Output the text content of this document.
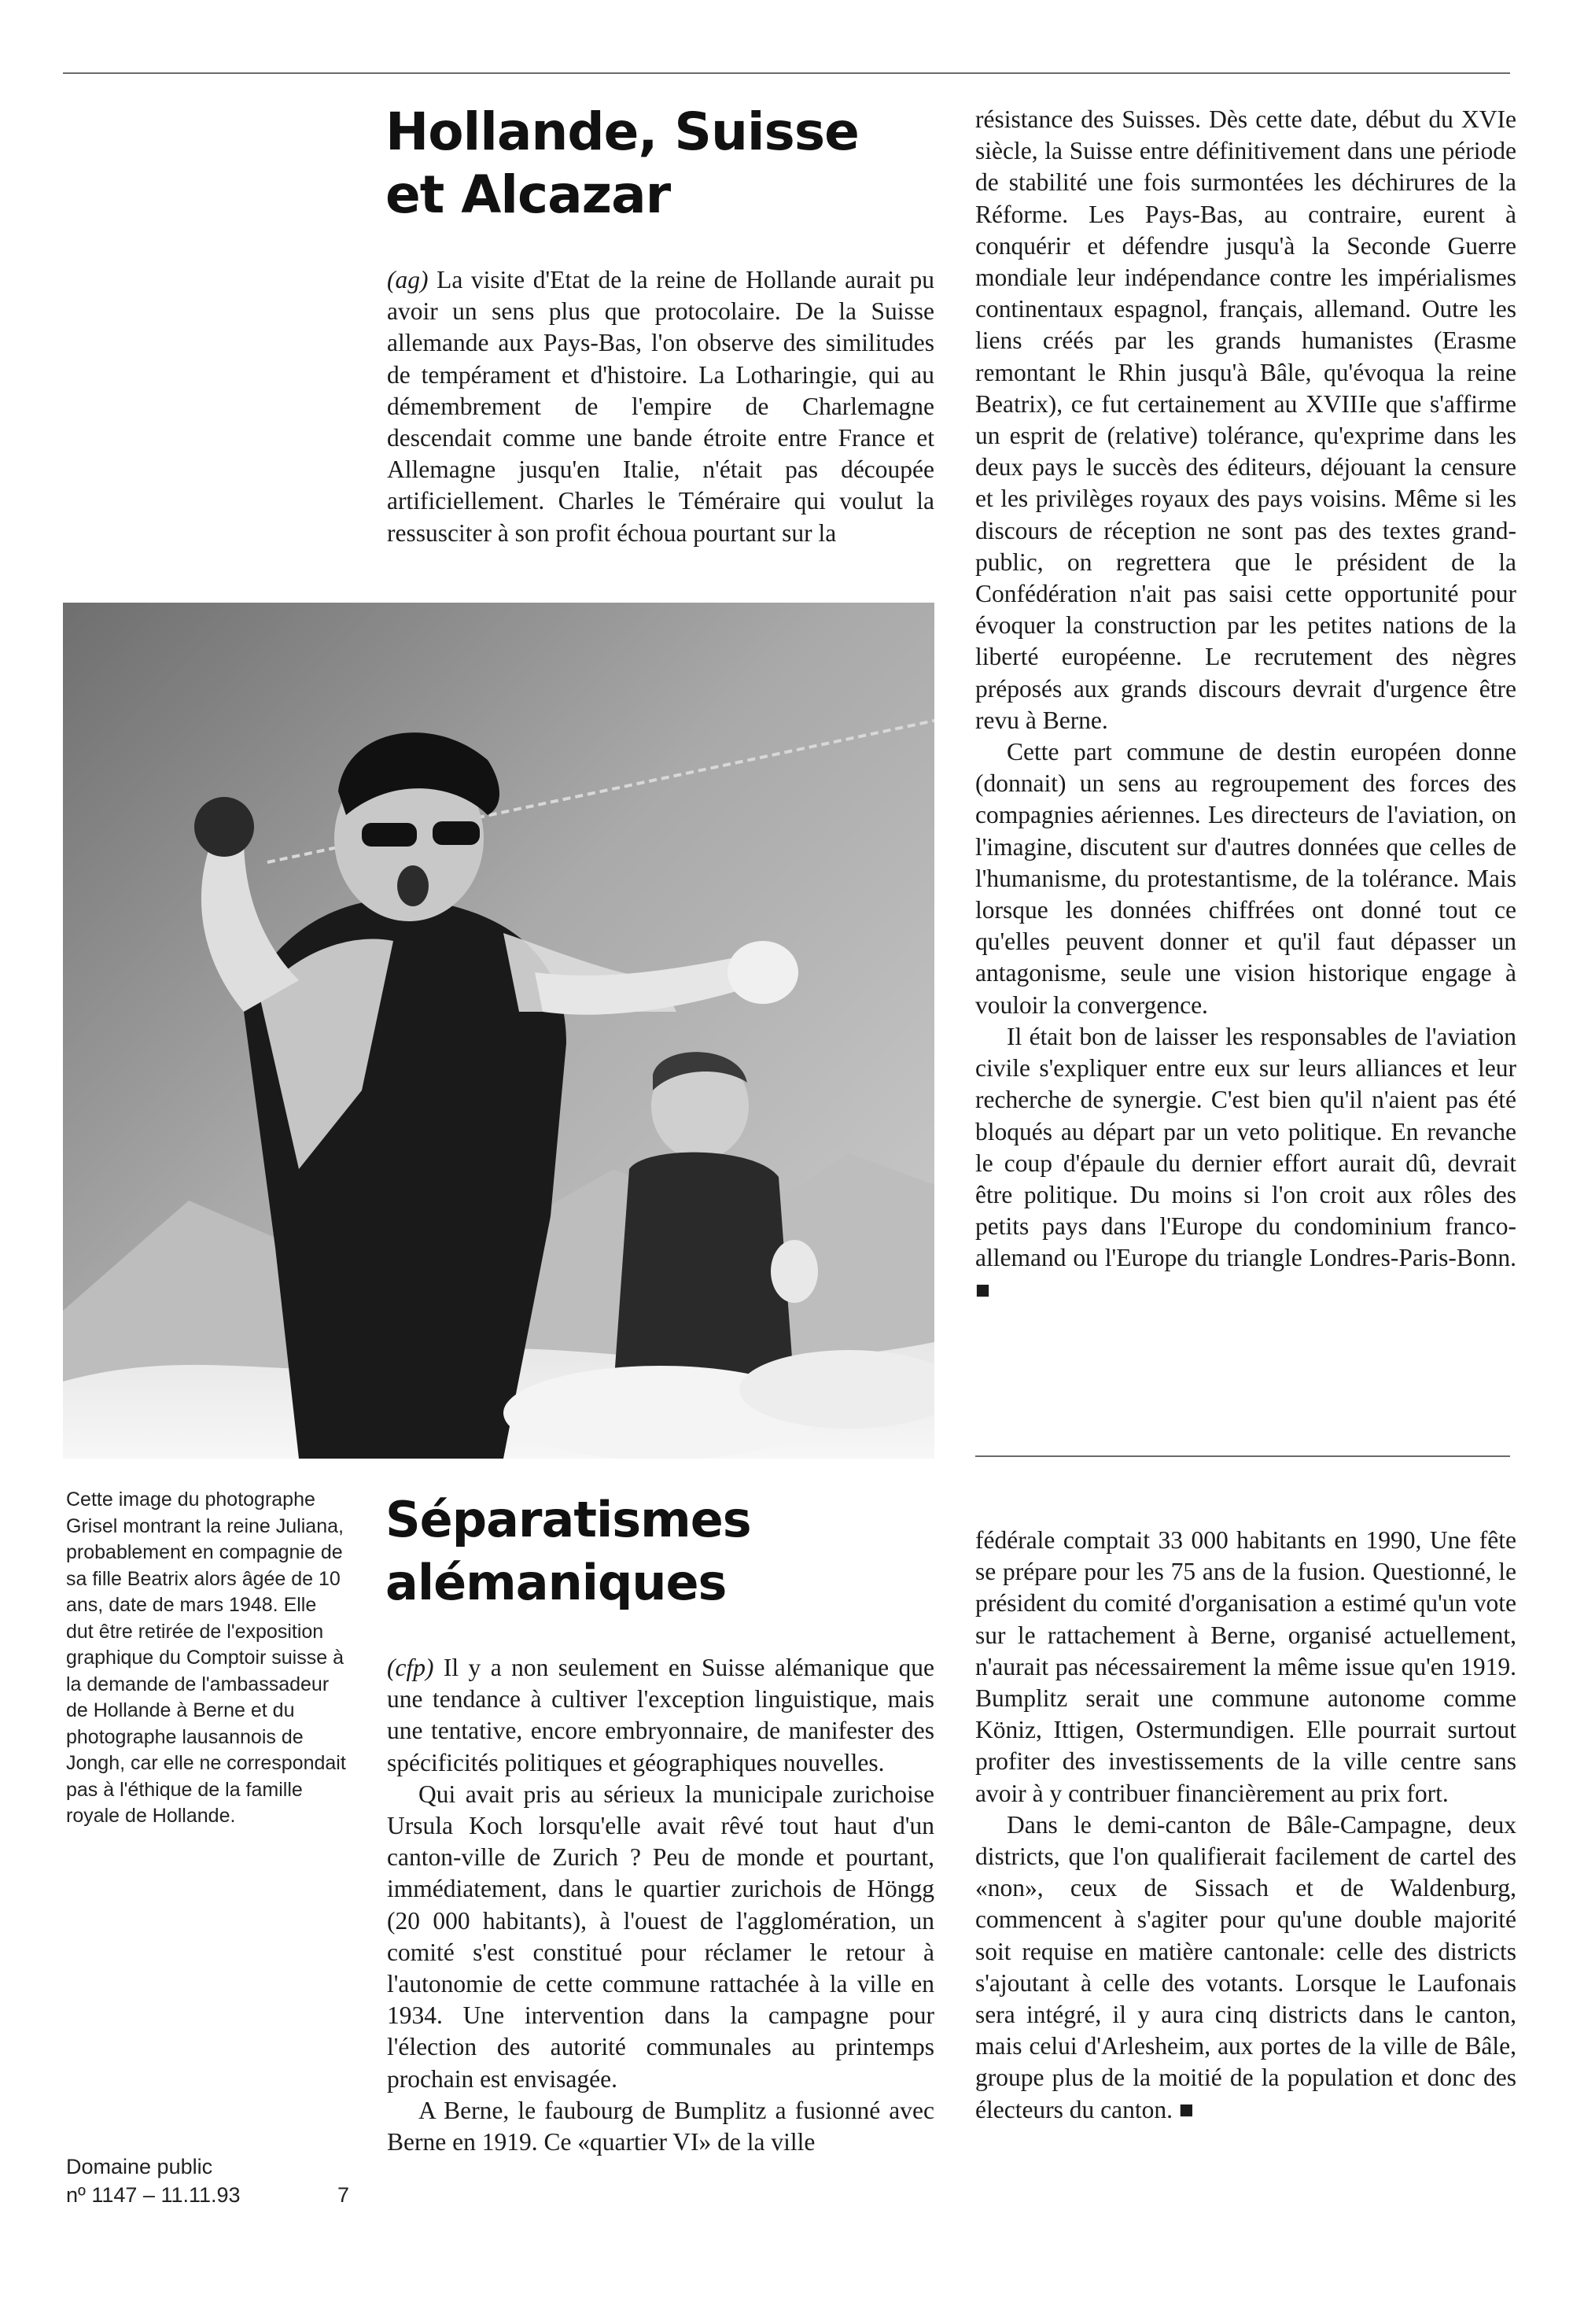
Hollande, Suisse
et Alcazar

(ag) La visite d'Etat de la reine de Hollande aurait pu avoir un sens plus que protocolaire. De la Suisse allemande aux Pays-Bas, l'on observe des similitudes de tempérament et d'histoire. La Lotharingie, qui au démembrement de l'empire de Charlemagne descendait comme une bande étroite entre France et Allemagne jusqu'en Italie, n'était pas découpée artificiellement. Charles le Téméraire qui voulut la ressusciter à son profit échoua pourtant sur la

résistance des Suisses. Dès cette date, début du XVIe siècle, la Suisse entre définitivement dans une période de stabilité une fois surmontées les déchirures de la Réforme. Les Pays-Bas, au contraire, eurent à conquérir et défendre jusqu'à la Seconde Guerre mondiale leur indépendance contre les impérialismes continentaux espagnol, français, allemand. Outre les liens créés par les grands humanistes (Erasme remontant le Rhin jusqu'à Bâle, qu'évoqua la reine Beatrix), ce fut certainement au XVIIIe que s'affirme un esprit de (relative) tolérance, qu'exprime dans les deux pays le succès des éditeurs, déjouant la censure et les privilèges royaux des pays voisins. Même si les discours de réception ne sont pas des textes grand-public, on regrettera que le président de la Confédération n'ait pas saisi cette opportunité pour évoquer la construction par les petites nations de la liberté européenne. Le recrutement des nègres préposés aux grands discours devrait d'urgence être revu à Berne.

Cette part commune de destin européen donne (donnait) un sens au regroupement des forces des compagnies aériennes. Les directeurs de l'aviation, on l'imagine, discutent sur d'autres données que celles de l'humanisme, du protestantisme, de la tolérance. Mais lorsque les données chiffrées ont donné tout ce qu'elles peuvent donner et qu'il faut dépasser un antagonisme, seule une vision historique engage à vouloir la convergence.

Il était bon de laisser les responsables de l'aviation civile s'expliquer entre eux sur leurs alliances et leur recherche de synergie. C'est bien qu'il n'aient pas été bloqués au départ par un veto politique. En revanche le coup d'épaule du dernier effort aurait dû, devrait être politique. Du moins si l'on croit aux rôles des petits pays dans l'Europe du condominium franco-allemand ou l'Europe du triangle Londres-Paris-Bonn. ■

Cette image du photographe Grisel montrant la reine Juliana, probablement en compagnie de sa fille Beatrix alors âgée de 10 ans, date de mars 1948. Elle dut être retirée de l'exposition graphique du Comptoir suisse à la demande de l'ambassadeur de Hollande à Berne et du photographe lausannois de Jongh, car elle ne correspondait pas à l'éthique de la famille royale de Hollande.
Séparatismes
alémaniques

(cfp) Il y a non seulement en Suisse alémanique que une tendance à cultiver l'exception linguistique, mais une tentative, encore embryonnaire, de manifester des spécificités politiques et géographiques nouvelles.

Qui avait pris au sérieux la municipale zurichoise Ursula Koch lorsqu'elle avait rêvé tout haut d'un canton-ville de Zurich ? Peu de monde et pourtant, immédiatement, dans le quartier zurichois de Höngg (20 000 habitants), à l'ouest de l'agglomération, un comité s'est constitué pour réclamer le retour à l'autonomie de cette commune rattachée à la ville en 1934. Une intervention dans la campagne pour l'élection des autorité communales au printemps prochain est envisagée.

A Berne, le faubourg de Bumplitz a fusionné avec Berne en 1919. Ce «quartier VI» de la ville

fédérale comptait 33 000 habitants en 1990, Une fête se prépare pour les 75 ans de la fusion. Questionné, le président du comité d'organisation a estimé qu'un vote sur le rattachement à Berne, organisé actuellement, n'aurait pas nécessairement la même issue qu'en 1919. Bumplitz serait une commune autonome comme Köniz, Ittigen, Ostermundigen. Elle pourrait surtout profiter des investissements de la ville centre sans avoir à y contribuer financièrement au prix fort.

Dans le demi-canton de Bâle-Campagne, deux districts, que l'on qualifierait facilement de cartel des «non», ceux de Sissach et de Waldenburg, commencent à s'agiter pour qu'une double majorité soit requise en matière cantonale: celle des districts s'ajoutant à celle des votants. Lorsque le Laufonais sera intégré, il y aura cinq districts dans le canton, mais celui d'Arlesheim, aux portes de la ville de Bâle, groupe plus de la moitié de la population et donc des électeurs du canton. ■

Domaine public
nº 1147 – 11.11.93	7
